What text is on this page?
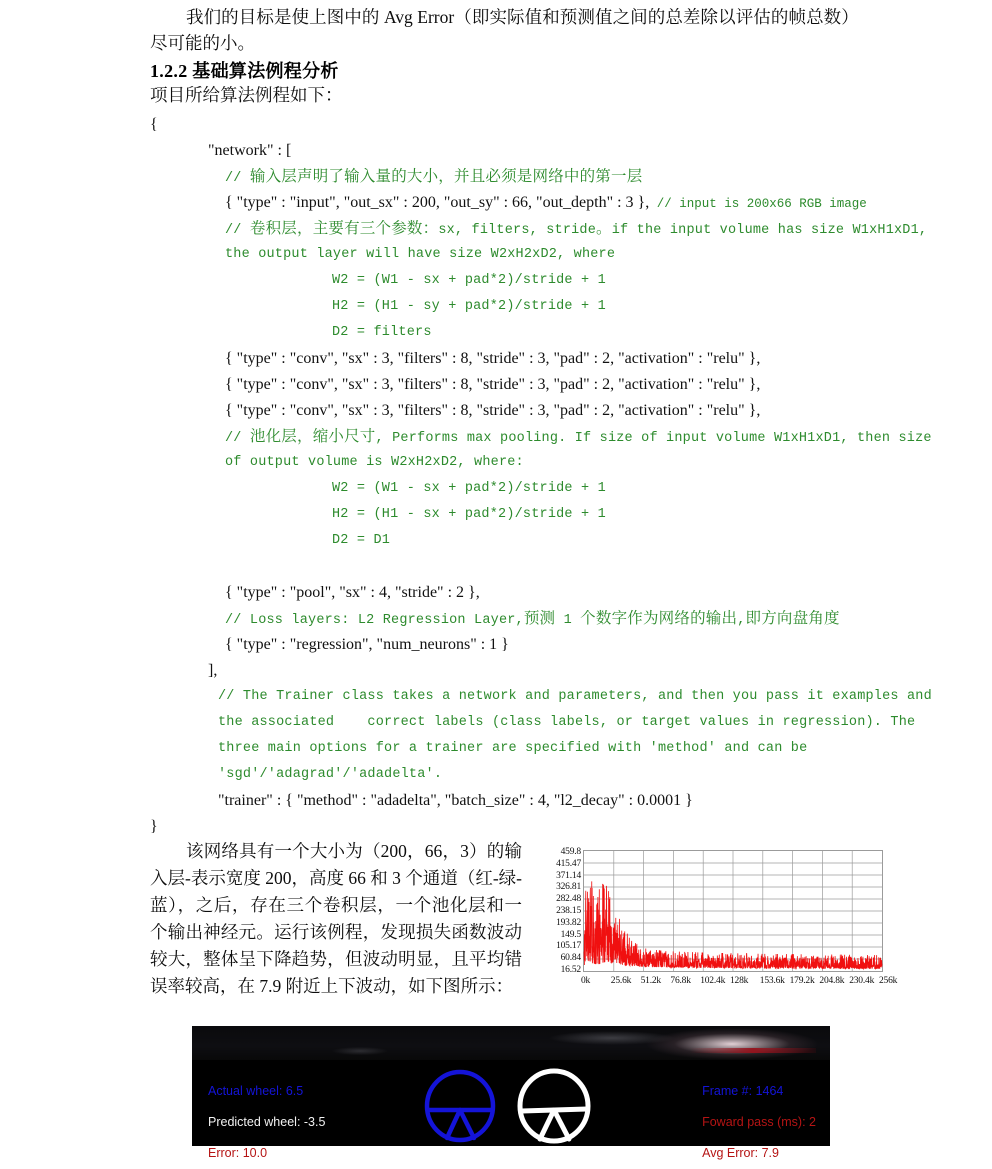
我们的目标是使上图中的 Avg Error（即实际值和预测值之间的总差除以评估的帧总数）尽可能的小。
1.2.2 基础算法例程分析
项目所给算法例程如下：
{
"network" : [
// 输入层声明了输入量的大小，并且必须是网络中的第一层
{ "type" : "input", "out_sx" : 200, "out_sy" : 66, "out_depth" : 3 }, // input is 200x66 RGB image
// 卷积层，主要有三个参数：sx, filters, stride。if the input volume has size W1xH1xD1,
the output layer will have size W2xH2xD2, where
W2 = (W1 - sx + pad*2)/stride + 1
H2 = (H1 - sy + pad*2)/stride + 1
D2 = filters
{ "type" : "conv", "sx" : 3, "filters" : 8, "stride" : 3, "pad" : 2, "activation" : "relu" },
{ "type" : "conv", "sx" : 3, "filters" : 8, "stride" : 3, "pad" : 2, "activation" : "relu" },
{ "type" : "conv", "sx" : 3, "filters" : 8, "stride" : 3, "pad" : 2, "activation" : "relu" },
// 池化层，缩小尺寸, Performs max pooling. If size of input volume W1xH1xD1, then size
of output volume is W2xH2xD2, where:
W2 = (W1 - sx + pad*2)/stride + 1
H2 = (H1 - sx + pad*2)/stride + 1
D2 = D1
{ "type" : "pool", "sx" : 4, "stride" : 2 },
// Loss layers: L2 Regression Layer,预测 1 个数字作为网络的输出,即方向盘角度
{ "type" : "regression", "num_neurons" : 1 }
],
// The Trainer class takes a network and parameters, and then you pass it examples and
the associated    correct labels (class labels, or target values in regression). The
three main options for a trainer are specified with 'method' and can be
'sgd'/'adagrad'/'adadelta'.
"trainer" : { "method" : "adadelta", "batch_size" : 4, "l2_decay" : 0.0001 }
}
该网络具有一个大小为（200，66，3）的输入层-表示宽度 200，高度 66 和 3 个通道（红-绿-蓝），之后，存在三个卷积层，一个池化层和一个输出神经元。运行该例程，发现损失函数波动较大，整体呈下降趋势，但波动明显，且平均错误率较高，在 7.9 附近上下波动，如下图所示：
459.8
415.47
371.14
326.81
282.48
238.15
193.82
149.5
105.17
60.84
16.52
0k 25.6k 51.2k 76.8k 102.4k 128k 153.6k 179.2k 204.8k 230.4k 256k
Actual wheel: 6.5
Predicted wheel: -3.5
Error: 10.0
Frame #: 1464
Foward pass (ms): 2
Avg Error: 7.9
